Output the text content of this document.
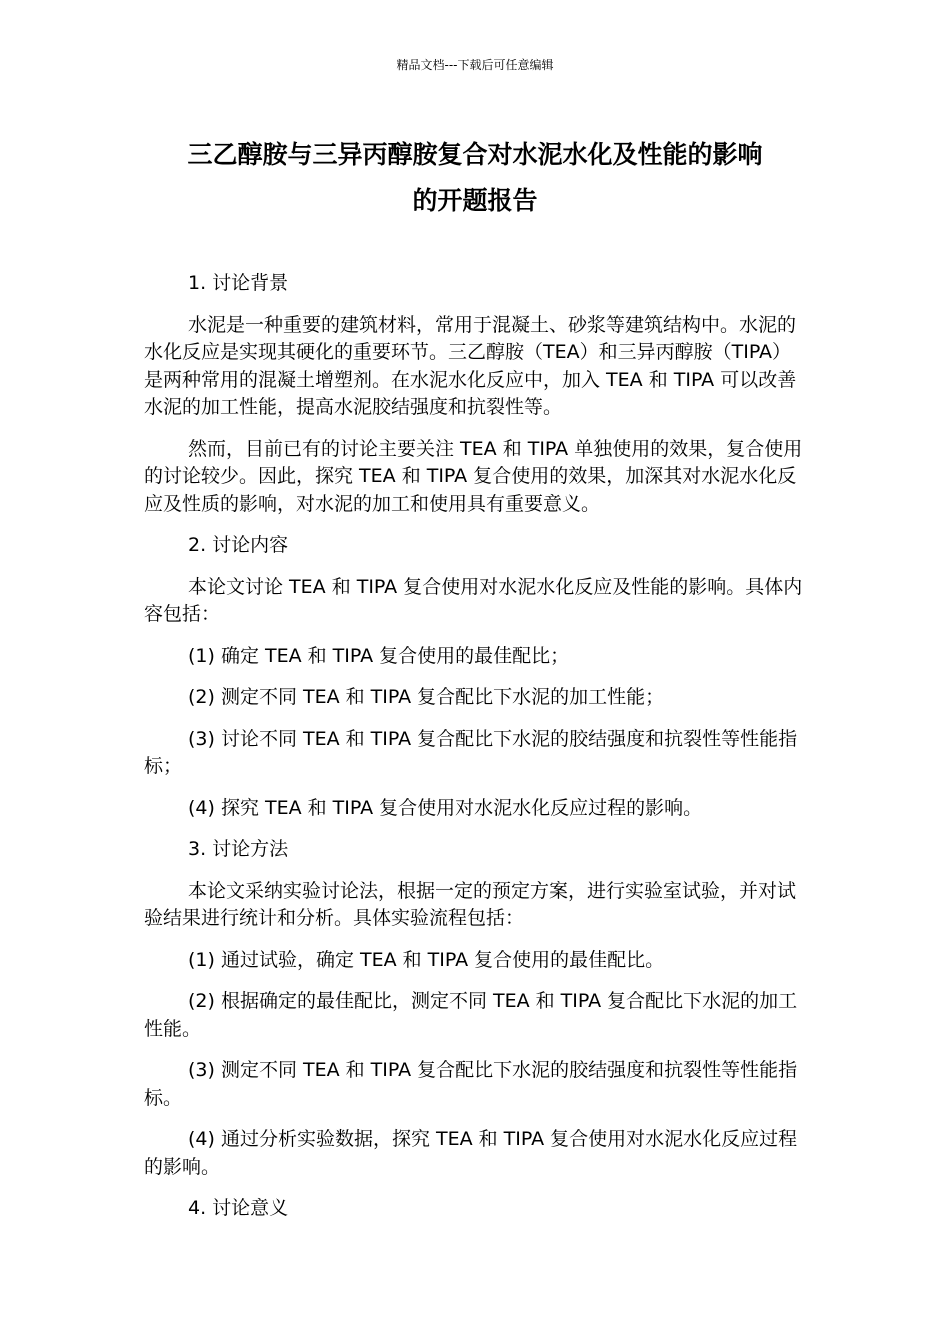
精品文档---下载后可任意编辑
三乙醇胺与三异丙醇胺复合对水泥水化及性能的影响
的开题报告

1. 讨论背景

水泥是一种重要的建筑材料，常用于混凝土、砂浆等建筑结构中。水泥的水化反应是实现其硬化的重要环节。三乙醇胺（TEA）和三异丙醇胺（TIPA）是两种常用的混凝土增塑剂。在水泥水化反应中，加入 TEA 和 TIPA 可以改善水泥的加工性能，提高水泥胶结强度和抗裂性等。

然而，目前已有的讨论主要关注 TEA 和 TIPA 单独使用的效果，复合使用的讨论较少。因此，探究 TEA 和 TIPA 复合使用的效果，加深其对水泥水化反应及性质的影响，对水泥的加工和使用具有重要意义。

2. 讨论内容

本论文讨论 TEA 和 TIPA 复合使用对水泥水化反应及性能的影响。具体内容包括：

(1) 确定 TEA 和 TIPA 复合使用的最佳配比；

(2) 测定不同 TEA 和 TIPA 复合配比下水泥的加工性能；

(3) 讨论不同 TEA 和 TIPA 复合配比下水泥的胶结强度和抗裂性等性能指标；

(4) 探究 TEA 和 TIPA 复合使用对水泥水化反应过程的影响。

3. 讨论方法

本论文采纳实验讨论法，根据一定的预定方案，进行实验室试验，并对试验结果进行统计和分析。具体实验流程包括：

(1) 通过试验，确定 TEA 和 TIPA 复合使用的最佳配比。

(2) 根据确定的最佳配比，测定不同 TEA 和 TIPA 复合配比下水泥的加工性能。

(3) 测定不同 TEA 和 TIPA 复合配比下水泥的胶结强度和抗裂性等性能指标。

(4) 通过分析实验数据，探究 TEA 和 TIPA 复合使用对水泥水化反应过程的影响。

4. 讨论意义
